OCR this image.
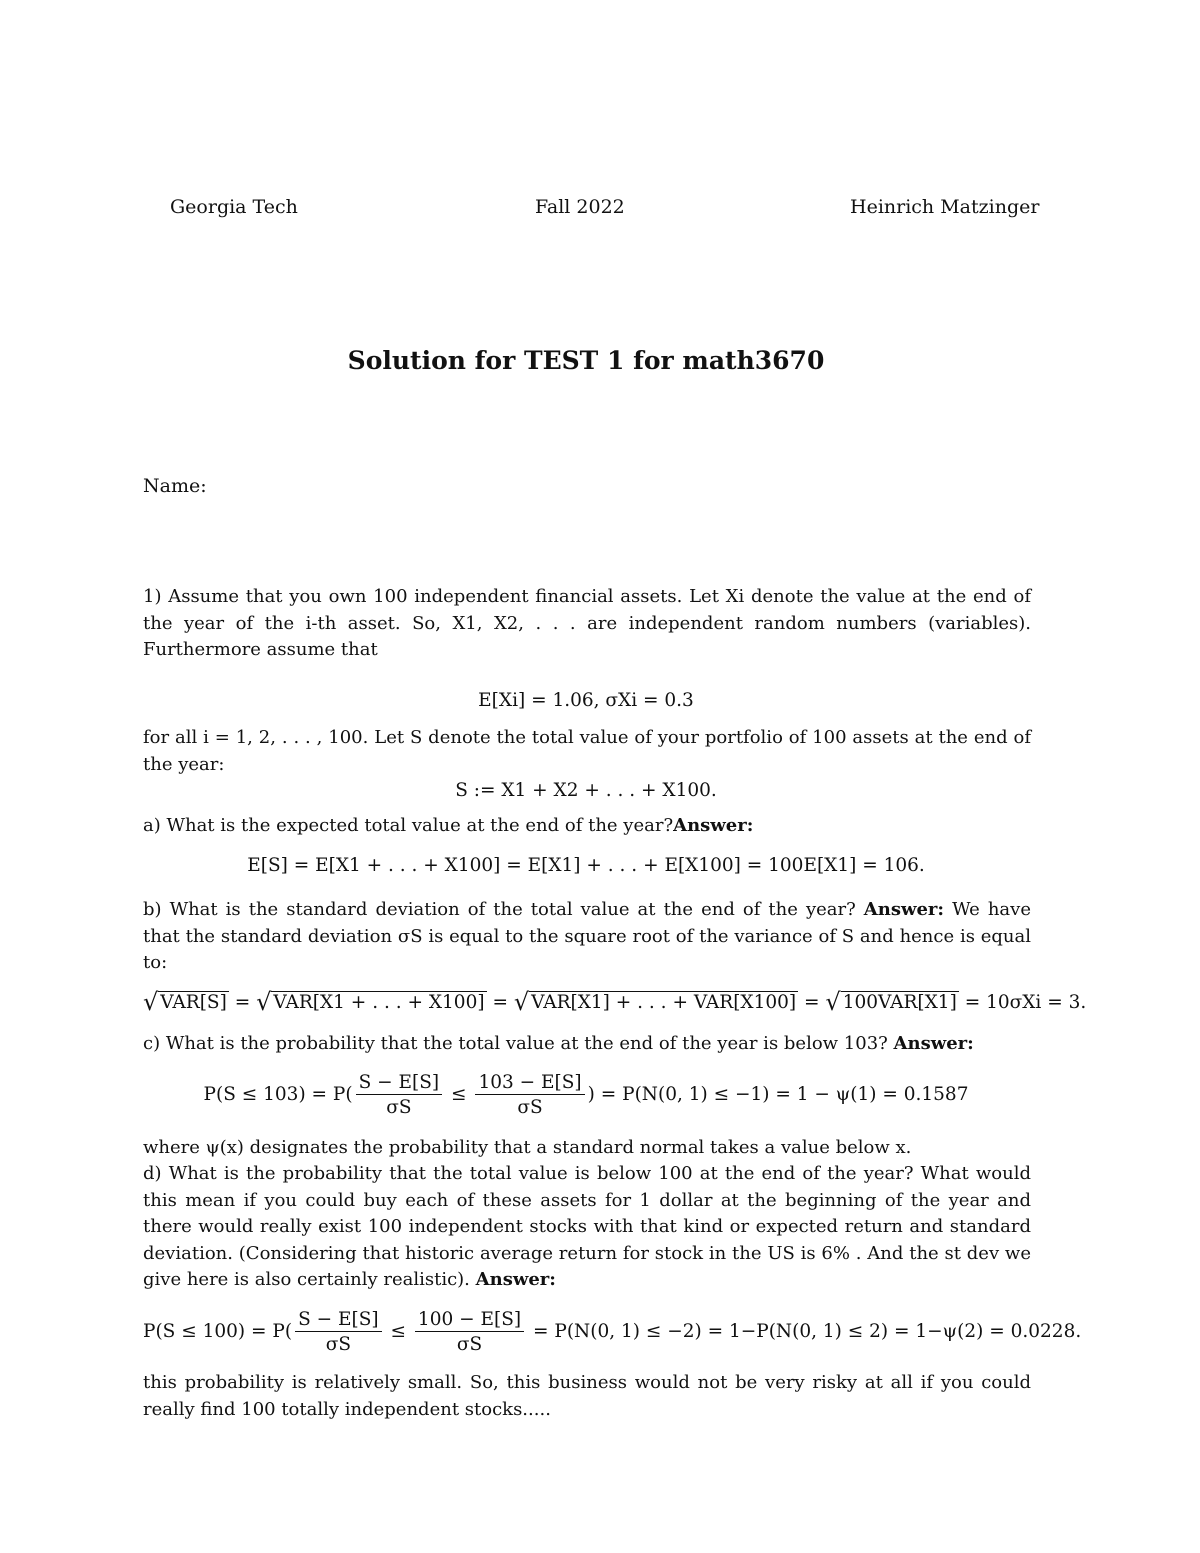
Georgia Tech	Fall 2022	Heinrich Matzinger
Solution for TEST 1 for math3670
Name:
1) Assume that you own 100 independent financial assets. Let Xi denote the value at the end of the year of the i-th asset. So, X1, X2, . . . are independent random numbers (variables). Furthermore assume that
E[Xi] = 1.06, σXi = 0.3
for all i = 1, 2, . . . , 100. Let S denote the total value of your portfolio of 100 assets at the end of the year:
S := X1 + X2 + . . . + X100.
a) What is the expected total value at the end of the year?Answer:
E[S] = E[X1 + . . . + X100] = E[X1] + . . . + E[X100] = 100E[X1] = 106.
b) What is the standard deviation of the total value at the end of the year? Answer: We have that the standard deviation σS is equal to the square root of the variance of S and hence is equal to:
√ VAR[S] = √ VAR[X1 + . . . + X100] = √ VAR[X1] + . . . + VAR[X100] = √ 100VAR[X1] = 10σXi = 3.
c) What is the probability that the total value at the end of the year is below 103? Answer:
$P(S \le 103) = P( \frac{S - E[S]}{\sigma S} \le \frac{103 - E[S]}{\sigma S}$ ) = P(N(0, 1) ≤ −1) = 1 − ψ(1) = 0.1587
where ψ(x) designates the probability that a standard normal takes a value below x.
d) What is the probability that the total value is below 100 at the end of the year? What would this mean if you could buy each of these assets for 1 dollar at the beginning of the year and there would really exist 100 independent stocks with that kind or expected return and standard deviation. (Considering that historic average return for stock in the US is 6% . And the st dev we give here is also certainly realistic). Answer:
$P(S \le 100) = P( \frac{S - E[S]}{\sigma S} \le \frac{100 - E[S]}{\sigma S} = P(N(0$, 1) ≤ −2) = 1−P(N(0, 1) ≤ 2) = 1−ψ(2) = 0.0228.
this probability is relatively small. So, this business would not be very risky at all if you could really find 100 totally independent stocks.....
